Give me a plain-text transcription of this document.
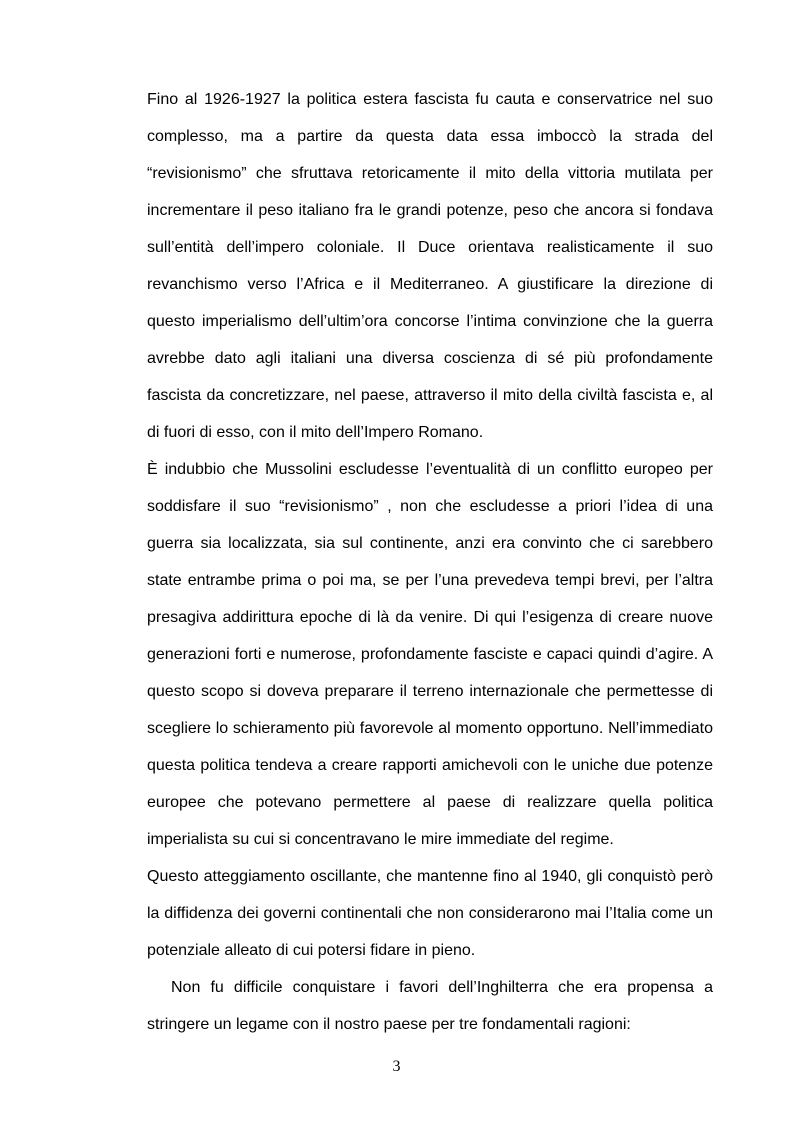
Fino al 1926-1927 la politica estera fascista fu cauta e conservatrice nel suo
complesso, ma a partire da questa data essa imboccò la strada del
“revisionismo” che sfruttava retoricamente il mito della vittoria mutilata per
incrementare il peso italiano fra le grandi potenze, peso che ancora si fondava
sull’entità dell’impero coloniale. Il Duce orientava realisticamente il suo
revanchismo verso l’Africa e il Mediterraneo. A giustificare la direzione di
questo imperialismo dell’ultim’ora concorse l’intima convinzione che la guerra
avrebbe dato agli italiani una diversa coscienza di sé più profondamente
fascista da concretizzare, nel paese, attraverso il mito della civiltà fascista e, al
di fuori di esso, con il mito dell’Impero Romano.
È indubbio che Mussolini escludesse l’eventualità di un conflitto europeo per
soddisfare il suo “revisionismo” , non che escludesse a priori l’idea di una
guerra sia localizzata, sia sul continente, anzi era convinto che ci sarebbero
state entrambe prima o poi ma, se per l’una prevedeva tempi brevi, per l’altra
presagiva addirittura epoche di là da venire. Di qui l’esigenza di creare nuove
generazioni forti e numerose, profondamente fasciste e capaci quindi d’agire. A
questo scopo si doveva preparare il terreno internazionale che permettesse di
scegliere lo schieramento più favorevole al momento opportuno. Nell’immediato
questa politica tendeva a creare rapporti amichevoli con le uniche due potenze
europee che potevano permettere al paese di realizzare quella politica
imperialista su cui si concentravano le mire immediate del regime.
Questo atteggiamento oscillante, che mantenne fino al 1940, gli conquistò però
la diffidenza dei governi continentali che non considerarono mai l’Italia come un
potenziale alleato di cui potersi fidare in pieno.
Non fu difficile conquistare i favori dell’Inghilterra che era propensa a
stringere un legame con il nostro paese per tre fondamentali ragioni:
3
